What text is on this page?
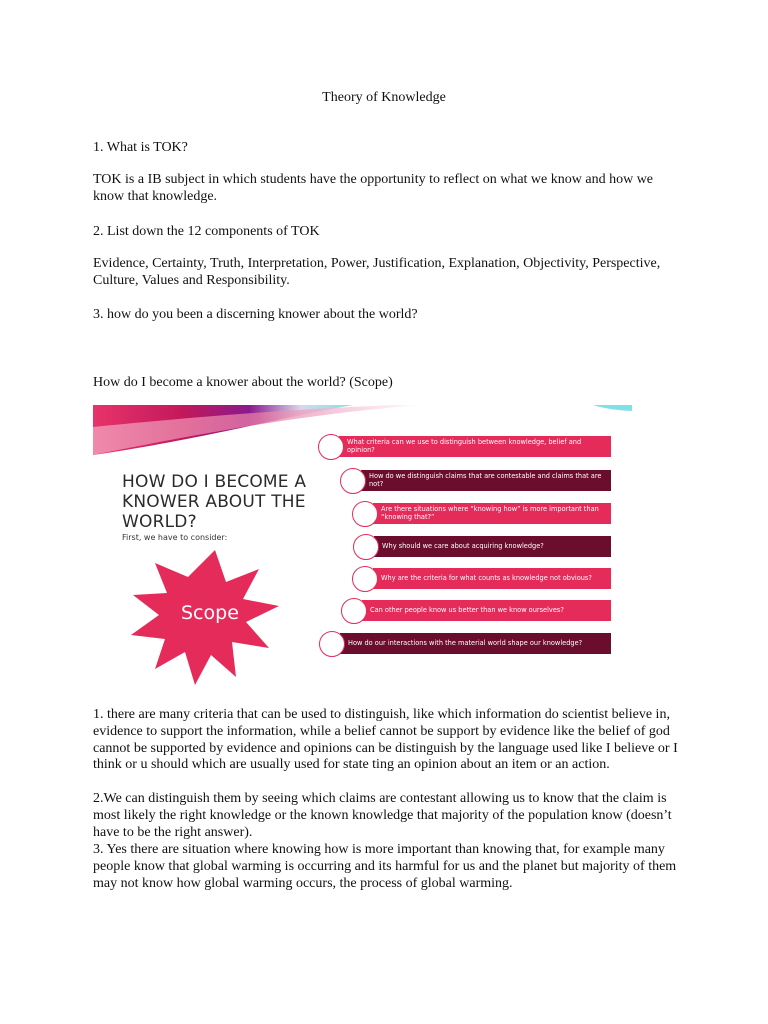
Theory of Knowledge
1. What is TOK?
TOK is a IB subject in which students have the opportunity to reflect on what we know and how we know that knowledge.
2. List down the 12 components of TOK
Evidence, Certainty, Truth, Interpretation, Power, Justification, Explanation, Objectivity, Perspective, Culture, Values and Responsibility.
3. how do you been a discerning knower about the world?
How do I become a knower about the world? (Scope)
HOW DO I BECOME A KNOWER ABOUT THE WORLD?
First, we have to consider:
Scope
What criteria can we use to distinguish between knowledge, belief and opinion?
How do we distinguish claims that are contestable and claims that are not?
Are there situations where “knowing how” is more important than “knowing that?”
Why should we care about acquiring knowledge?
Why are the criteria for what counts as knowledge not obvious?
Can other people know us better than we know ourselves?
How do our interactions with the material world shape our knowledge?
1. there are many criteria that can be used to distinguish, like which information do scientist believe in, evidence to support the information, while a belief cannot be support by evidence like the belief of god cannot be supported by evidence and opinions can be distinguish by the language used like I believe or I think or u should which are usually used for state ting an opinion about an item or an action.
2.We can distinguish them by seeing which claims are contestant allowing us to know that the claim is most likely the right knowledge or the known knowledge that majority of the population know (doesn’t have to be the right answer).
3. Yes there are situation where knowing how is more important than knowing that, for example many people know that global warming is occurring and its harmful for us and the planet but majority of them may not know how global warming occurs, the process of global warming.
